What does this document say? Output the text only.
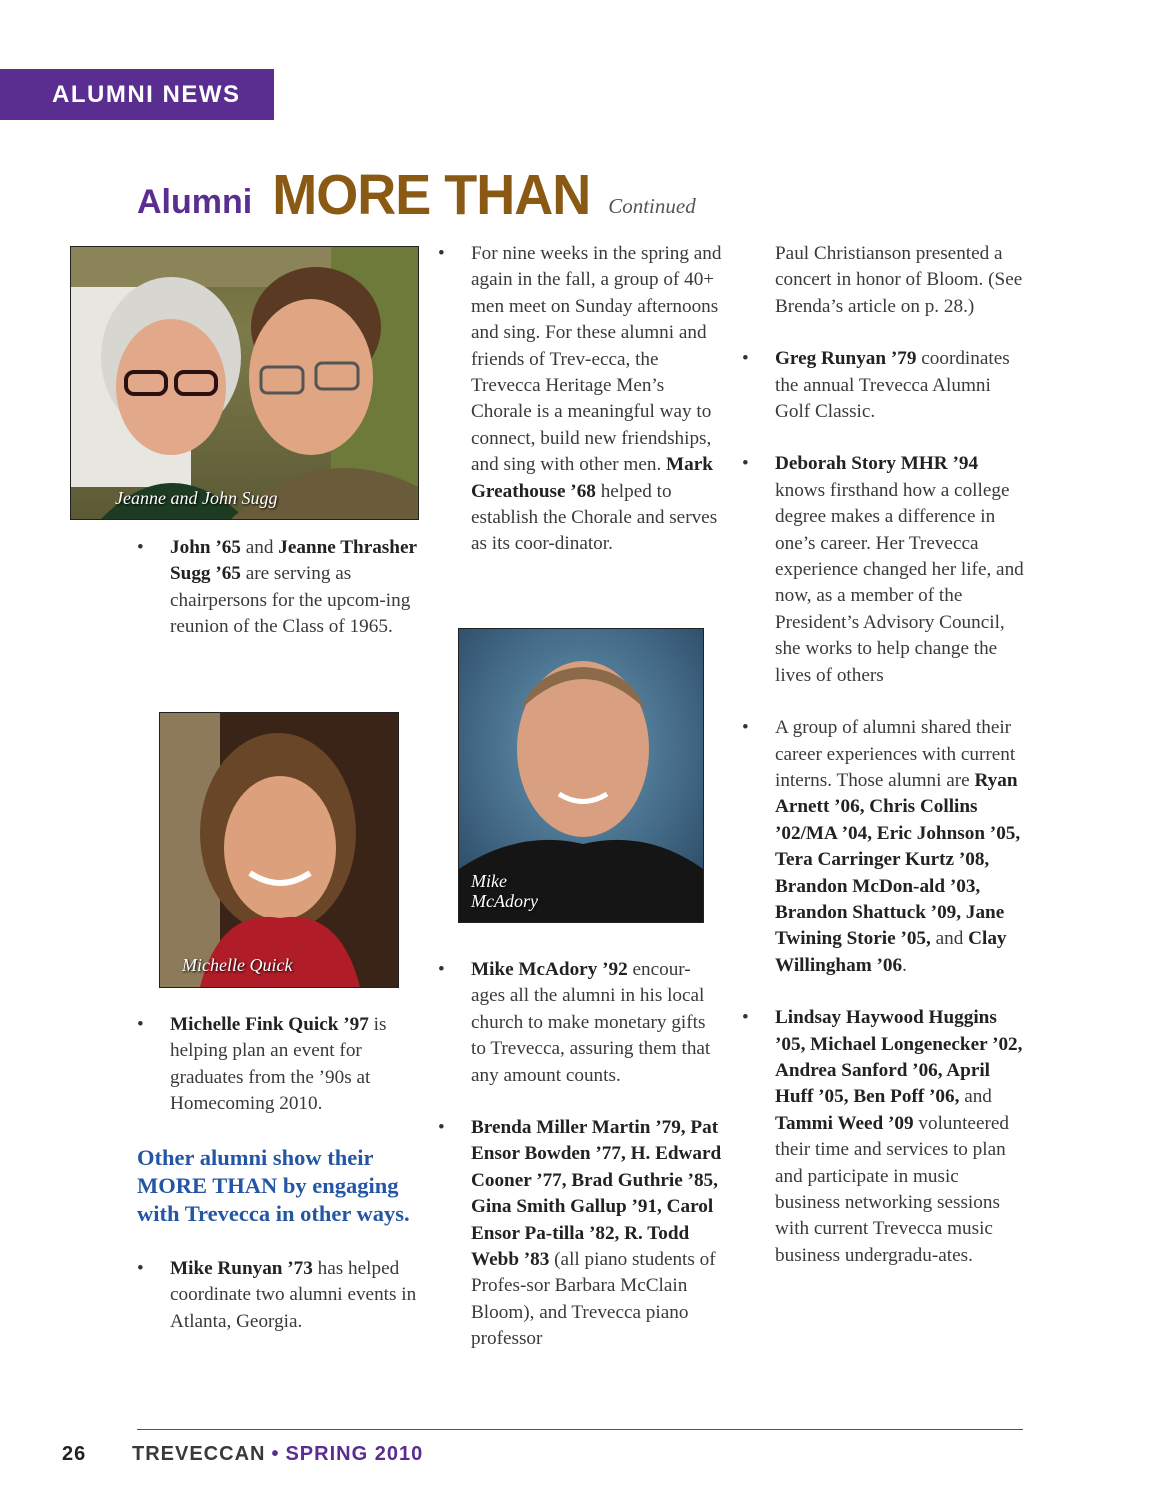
ALUMNI NEWS
Alumni MORE THAN Continued
Jeanne and John Sugg
Michelle Quick
Mike
McAdory

• John ’65 and Jeanne Thrasher Sugg ’65 are serving as chairpersons for the upcom-ing reunion of the Class of 1965.

• Michelle Fink Quick ’97 is helping plan an event for graduates from the ’90s at Homecoming 2010.

Other alumni show their MORE THAN by engaging with Trevecca in other ways.

• Mike Runyan ’73 has helped coordinate two alumni events in Atlanta, Georgia.

• For nine weeks in the spring and again in the fall, a group of 40+ men meet on Sunday afternoons and sing. For these alumni and friends of Trev-ecca, the Trevecca Heritage Men’s Chorale is a meaningful way to connect, build new friendships, and sing with other men. Mark Greathouse ’68 helped to establish the Chorale and serves as its coor-dinator.

• Mike McAdory ’92 encour-ages all the alumni in his local church to make monetary gifts to Trevecca, assuring them that any amount counts.

• Brenda Miller Martin ’79, Pat Ensor Bowden ’77, H. Edward Cooner ’77, Brad Guthrie ’85, Gina Smith Gallup ’91, Carol Ensor Pa-tilla ’82, R. Todd Webb ’83 (all piano students of Profes-sor Barbara McClain Bloom), and Trevecca piano professor

Paul Christianson presented a concert in honor of Bloom. (See Brenda’s article on p. 28.)

• Greg Runyan ’79 coordinates the annual Trevecca Alumni Golf Classic.

• Deborah Story MHR ’94 knows firsthand how a college degree makes a difference in one’s career. Her Trevecca experience changed her life, and now, as a member of the President’s Advisory Council, she works to help change the lives of others

• A group of alumni shared their career experiences with current interns. Those alumni are Ryan Arnett ’06, Chris Collins ’02/MA ’04, Eric Johnson ’05, Tera Carringer Kurtz ’08, Brandon McDon-ald ’03, Brandon Shattuck ’09, Jane Twining Storie ’05, and Clay Willingham ’06.

• Lindsay Haywood Huggins ’05, Michael Longenecker ’02, Andrea Sanford ’06, April Huff ’05, Ben Poff ’06, and Tammi Weed ’09 volunteered their time and services to plan and participate in music business networking sessions with current Trevecca music business undergradu-ates.

26	TREVECCAN • SPRING 2010
